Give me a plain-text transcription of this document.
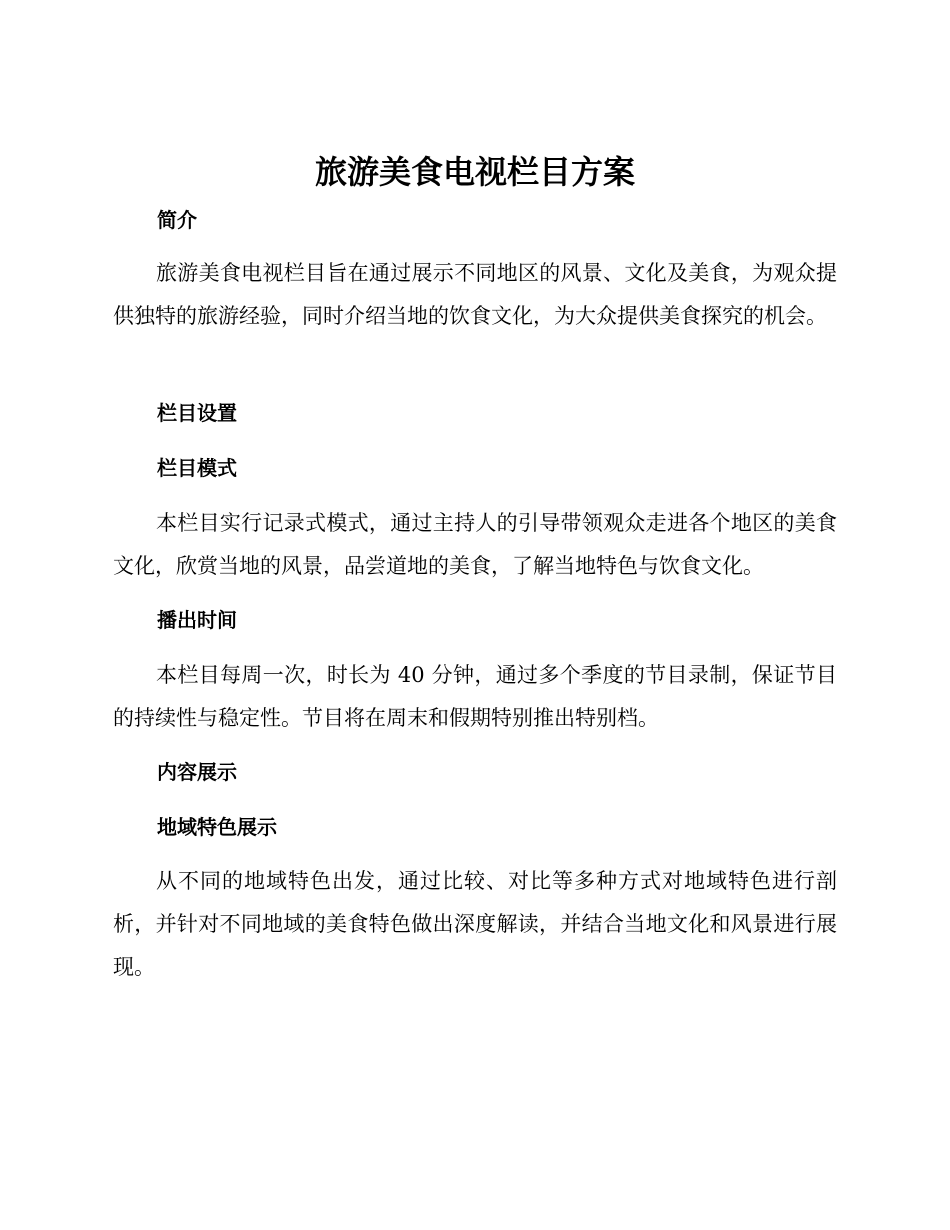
旅游美食电视栏目方案
简介

旅游美食电视栏目旨在通过展示不同地区的风景、文化及美食，为观众提供独特的旅游经验，同时介绍当地的饮食文化，为大众提供美食探究的机会。

栏目设置
栏目模式

本栏目实行记录式模式，通过主持人的引导带领观众走进各个地区的美食文化，欣赏当地的风景，品尝道地的美食，了解当地特色与饮食文化。

播出时间

本栏目每周一次，时长为 40 分钟，通过多个季度的节目录制，保证节目的持续性与稳定性。节目将在周末和假期特别推出特别档。

内容展示
地域特色展示

从不同的地域特色出发，通过比较、对比等多种方式对地域特色进行剖析，并针对不同地域的美食特色做出深度解读，并结合当地文化和风景进行展现。
